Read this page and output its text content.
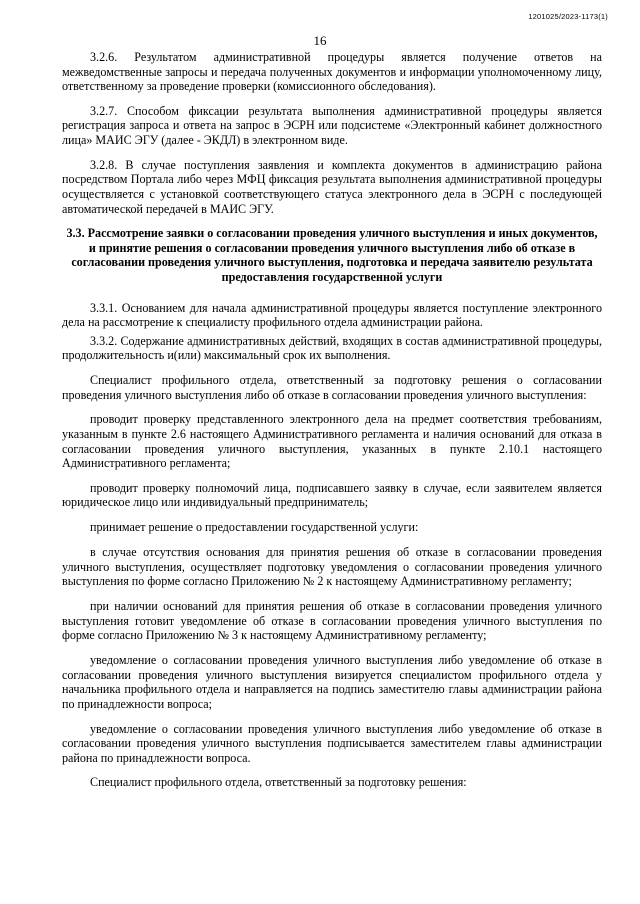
1201025/2023-1173(1)
16

3.2.6. Результатом административной процедуры является получение ответов на межведомственные запросы и передача полученных документов и информации уполномоченному лицу, ответственному за проведение проверки (комиссионного обследования).

3.2.7. Способом фиксации результата выполнения административной процедуры является регистрация запроса и ответа на запрос в ЭСРН или подсистеме «Электронный кабинет должностного лица» МАИС ЭГУ (далее - ЭКДЛ) в электронном виде.

3.2.8. В случае поступления заявления и комплекта документов в администрацию района посредством Портала либо через МФЦ фиксация результата выполнения административной процедуры осуществляется с установкой соответствующего статуса электронного дела в ЭСРН с последующей автоматической передачей в МАИС ЭГУ.

3.3. Рассмотрение заявки о согласовании проведения уличного выступления и иных документов, и принятие решения о согласовании проведения уличного выступления либо об отказе в согласовании проведения уличного выступления, подготовка и передача заявителю результата предоставления государственной услуги

3.3.1. Основанием для начала административной процедуры является поступление электронного дела на рассмотрение к специалисту профильного отдела администрации района.

3.3.2. Содержание административных действий, входящих в состав административной процедуры, продолжительность и(или) максимальный срок их выполнения.

Специалист профильного отдела, ответственный за подготовку решения о согласовании проведения уличного выступления либо об отказе в согласовании проведения уличного выступления:

проводит проверку представленного электронного дела на предмет соответствия требованиям, указанным в пункте 2.6 настоящего Административного регламента и наличия оснований для отказа в согласовании проведения уличного выступления, указанных в пункте 2.10.1 настоящего Административного регламента;

проводит проверку полномочий лица, подписавшего заявку в случае, если заявителем является юридическое лицо или индивидуальный предприниматель;

принимает решение о предоставлении государственной услуги:

в случае отсутствия основания для принятия решения об отказе в согласовании проведения уличного выступления, осуществляет подготовку уведомления о согласовании проведения уличного выступления по форме согласно Приложению № 2 к настоящему Административному регламенту;

при наличии оснований для принятия решения об отказе в согласовании проведения уличного выступления готовит уведомление об отказе в согласовании проведения уличного выступления по форме согласно Приложению № 3 к настоящему Административному регламенту;

уведомление о согласовании проведения уличного выступления либо уведомление об отказе в согласовании проведения уличного выступления визируется специалистом профильного отдела у начальника профильного отдела и направляется на подпись заместителю главы администрации района по принадлежности вопроса;

уведомление о согласовании проведения уличного выступления либо уведомление об отказе в согласовании проведения уличного выступления подписывается заместителем главы администрации района по принадлежности вопроса.

Специалист профильного отдела, ответственный за подготовку решения:
